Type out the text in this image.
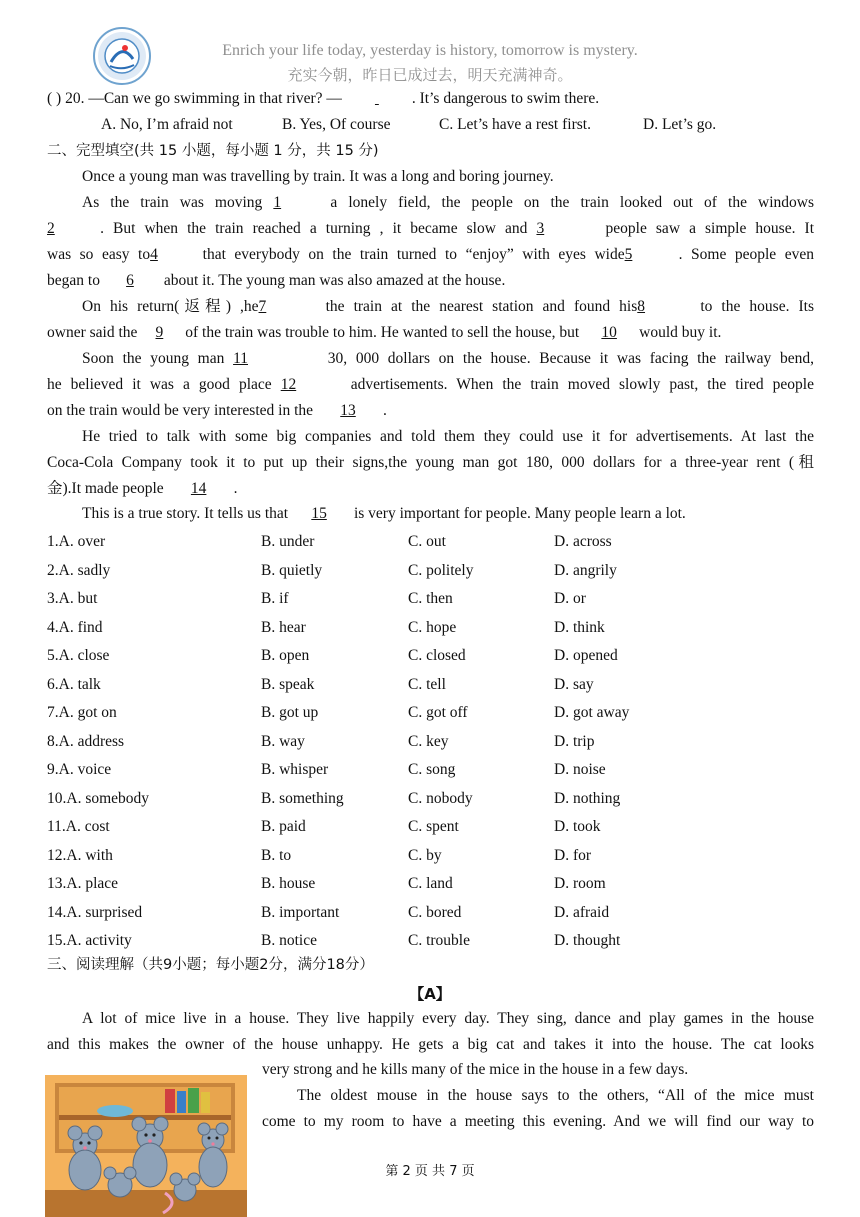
Enrich your life today, yesterday is history, tomorrow is mystery.
充实今朝，昨日已成过去，明天充满神奇。
( ) 20. —Can we go swimming in that river? —	. It’s dangerous to swim there.
A. No, I’m afraid not	B. Yes, Of course	C. Let’s have a rest first.	D. Let’s go.
二、完型填空(共 15 小题，每小题 1 分，共 15 分)
Once a young man was travelling by train. It was a long and boring journey.
As the train was moving 1 a lonely field, the people on the train looked out of the windows
2 . But when the train reached a turning , it became slow and 3	people saw a simple house. It
was so easy to4 that everybody on the train turned to “enjoy” with eyes wide5	. Some people even
began to 6 about it. The young man was also amazed at the house.
On his return(返程) ,he7	the train at the nearest station and found his8	to the house. Its
owner said the 9 of the train was trouble to him. He wanted to sell the house, but 10 would buy it.
Soon the young man 11	30, 000 dollars on the house. Because it was facing the railway bend,
he believed it was a good place 12	advertisements. When the train moved slowly past, the tired people
on the train would be very interested in the 13 .
He tried to talk with some big companies and told them they could use it for advertisements. At last the
Coca-Cola Company took it to put up their signs,the young man got 180, 000 dollars for a three-year rent (租
金).It made people 14 .
This is a true story. It tells us that 15 is very important for people. Many people learn a lot.
1.A. over	B. under	C. out	D. across
2.A. sadly	B. quietly	C. politely	D. angrily
3.A. but	B. if	C. then	D. or
4.A. find	B. hear	C. hope	D. think
5.A. close	B. open	C. closed	D. opened
6.A. talk	B. speak	C. tell	D. say
7.A. got on	B. got up	C. got off	D. got away
8.A. address	B. way	C. key	D. trip
9.A. voice	B. whisper	C. song	D. noise
10.A. somebody	B. something	C. nobody	D. nothing
11.A. cost	B. paid	C. spent	D. took
12.A. with	B. to	C. by	D. for
13.A. place	B. house	C. land	D. room
14.A. surprised	B. important	C. bored	D. afraid
15.A. activity	B. notice	C. trouble	D. thought
三、阅读理解（共9小题；每小题2分，满分18分）
【A】
A lot of mice live in a house. They live happily every day. They sing, dance and play games in the house
and this makes the owner of the house unhappy. He gets a big cat and takes it into the house. The cat looks
very strong and he kills many of the mice in the house in a few days.
The oldest mouse in the house says to the others, “All of the mice must
come to my room to have a meeting this evening. And we will find our way to
第 2 页 共 7 页
